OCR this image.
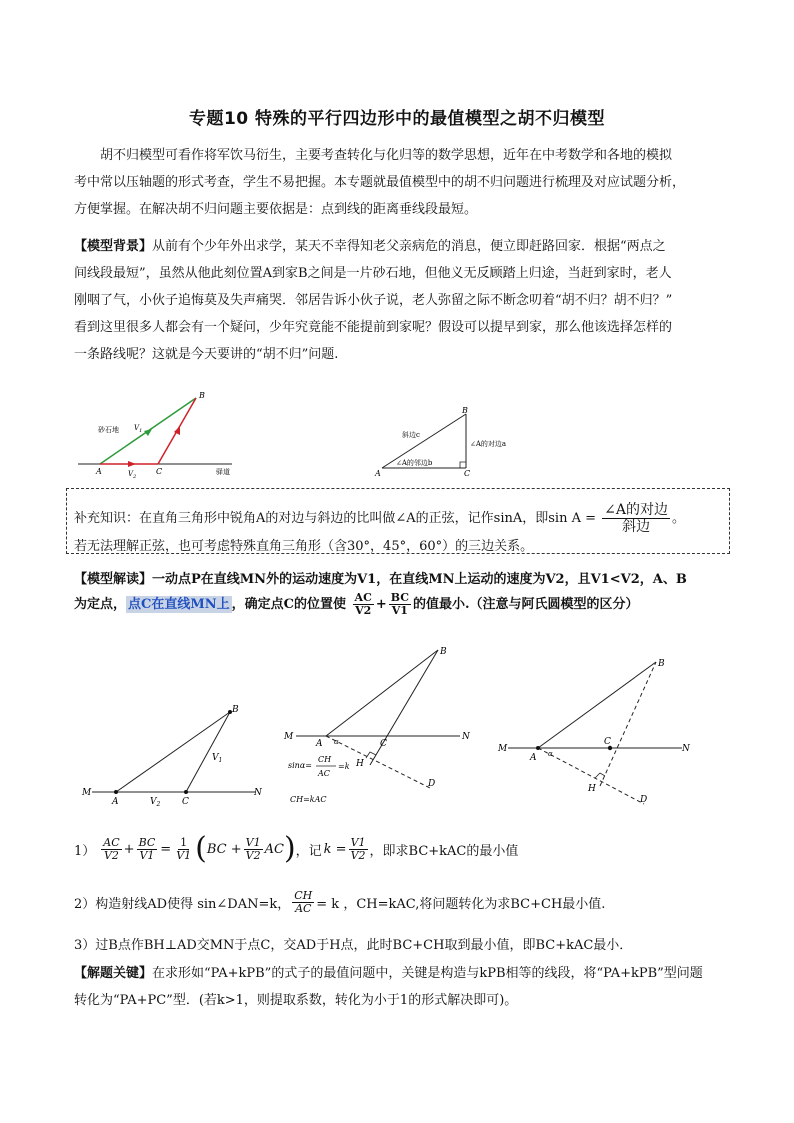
专题10 特殊的平行四边形中的最值模型之胡不归模型

胡不归模型可看作将军饮马衍生，主要考查转化与化归等的数学思想，近年在中考数学和各地的模拟

考中常以压轴题的形式考查，学生不易把握。本专题就最值模型中的胡不归问题进行梳理及对应试题分析，

方便掌握。在解决胡不归问题主要依据是：点到线的距离垂线段最短。

【模型背景】从前有个少年外出求学，某天不幸得知老父亲病危的消息，便立即赶路回家．根据“两点之

间线段最短”，虽然从他此刻位置A到家B之间是一片砂石地，但他义无反顾踏上归途，当赶到家时，老人

刚咽了气，小伙子追悔莫及失声痛哭．邻居告诉小伙子说，老人弥留之际不断念叨着“胡不归？胡不归？”

看到这里很多人都会有一个疑问，少年究竟能不能提前到家呢？假设可以提早到家，那么他该选择怎样的

一条路线呢？这就是今天要讲的“胡不归”问题.

A	C
B
砂石地
驿道
$V_1$
$V_2$	A	C
B
斜边c
∠A的对边a
∠A的邻边b
补充知识：在直角三角形中锐角A的对边与斜边的比叫做∠A的正弦，记作sinA，即$\sin A = \frac{\text{∠A的对边}}{\text{斜边}}$ 。
若无法理解正弦，也可考虑特殊直角三角形（含30°，45°，60°）的三边关系。
【模型解读】一动点P在直线MN外的运动速度为V1，在直线MN上运动的速度为V2，且V1<V2，A、B
为定点， 点C在直线MN上 ，确定点C的位置使 $\frac{AC}{V2} + \frac{BC}{V1}$ 的值最小.（注意与阿氏圆模型的区分）
M	N
A	C
B
$V_1$
$V_2$
M	N
A α	C
H
B
D
sinα=
CH
AC
=k
CH=kAC
M	N
A α
C
H
B
D
$1) \frac{AC}{V2} + \frac{BC}{V1} = \frac{1}{V1}$ ( BC + $\frac{V1}{V2}$ AC ) ，记 $k = \frac{V1}{V2}$ ，即求BC+kAC的最小值
2）构造射线AD使得 sin∠DAN=k， $\frac{CH}{AC} = k$ ，CH=kAC,将问题转化为求BC+CH最小值.
3）过B点作BH⊥AD交MN于点C，交AD于H点，此时BC+CH取到最小值，即BC+kAC最小．

【解题关键】在求形如“PA+kPB”的式子的最值问题中，关键是构造与kPB相等的线段，将“PA+kPB”型问题

转化为“PA+PC”型．(若k>1，则提取系数，转化为小于1的形式解决即可)。
